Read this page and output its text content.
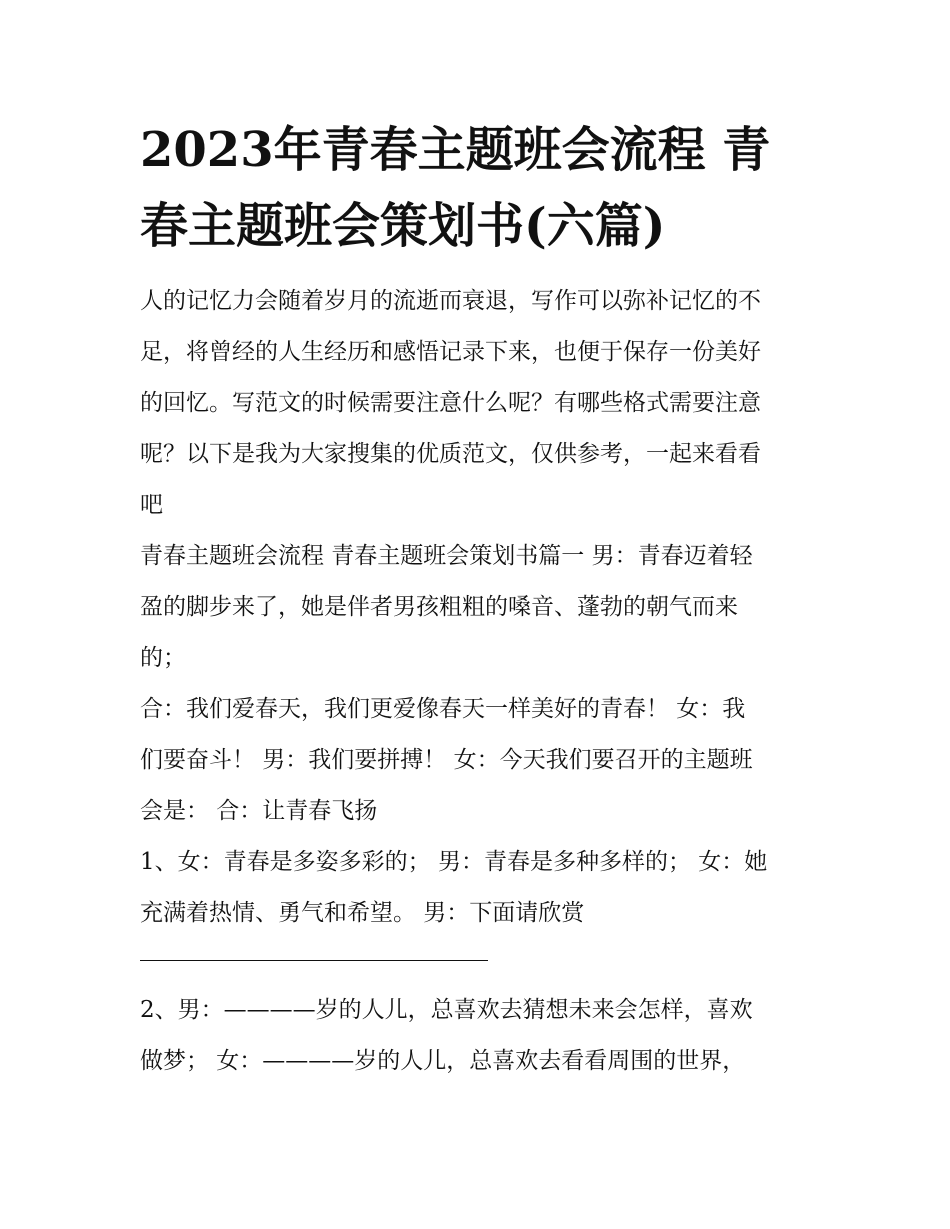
2023年青春主题班会流程 青
春主题班会策划书(六篇)
人的记忆力会随着岁月的流逝而衰退，写作可以弥补记忆的不
足，将曾经的人生经历和感悟记录下来，也便于保存一份美好
的回忆。写范文的时候需要注意什么呢？有哪些格式需要注意
呢？以下是我为大家搜集的优质范文，仅供参考，一起来看看
吧
青春主题班会流程 青春主题班会策划书篇一 男：青春迈着轻
盈的脚步来了，她是伴者男孩粗粗的嗓音、蓬勃的朝气而来
的；
合：我们爱春天，我们更爱像春天一样美好的青春！ 女：我
们要奋斗！ 男：我们要拼搏！ 女：今天我们要召开的主题班
会是： 合：让青春飞扬
1、女：青春是多姿多彩的； 男：青春是多种多样的； 女：她
充满着热情、勇气和希望。 男：下面请欣赏
2、男：————岁的人儿，总喜欢去猜想未来会怎样，喜欢
做梦； 女：————岁的人儿，总喜欢去看看周围的世界，
